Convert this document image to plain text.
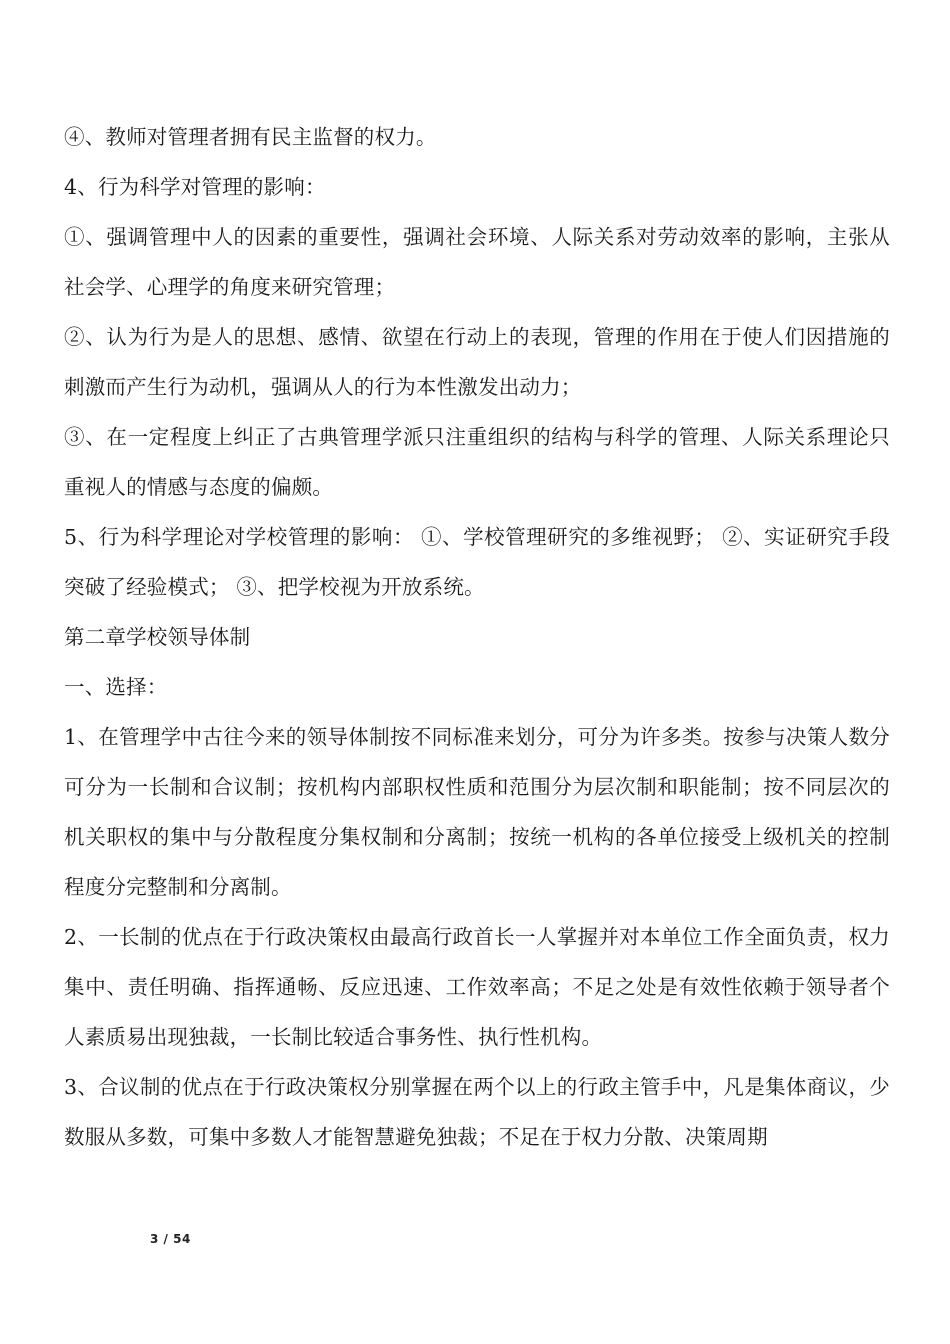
④、教师对管理者拥有民主监督的权力。

4、行为科学对管理的影响：

①、强调管理中人的因素的重要性，强调社会环境、人际关系对劳动效率的影响，主张从社会学、心理学的角度来研究管理；

②、认为行为是人的思想、感情、欲望在行动上的表现，管理的作用在于使人们因措施的刺激而产生行为动机，强调从人的行为本性激发出动力；

③、在一定程度上纠正了古典管理学派只注重组织的结构与科学的管理、人际关系理论只重视人的情感与态度的偏颇。

5、行为科学理论对学校管理的影响： ①、学校管理研究的多维视野； ②、实证研究手段突破了经验模式； ③、把学校视为开放系统。

第二章学校领导体制

一、选择：

1、在管理学中古往今来的领导体制按不同标准来划分，可分为许多类。按参与决策人数分可分为一长制和合议制；按机构内部职权性质和范围分为层次制和职能制；按不同层次的机关职权的集中与分散程度分集权制和分离制；按统一机构的各单位接受上级机关的控制程度分完整制和分离制。

2、一长制的优点在于行政决策权由最高行政首长一人掌握并对本单位工作全面负责，权力集中、责任明确、指挥通畅、反应迅速、工作效率高；不足之处是有效性依赖于领导者个人素质易出现独裁，一长制比较适合事务性、执行性机构。

3、合议制的优点在于行政决策权分别掌握在两个以上的行政主管手中，凡是集体商议，少数服从多数，可集中多数人才能智慧避免独裁；不足在于权力分散、决策周期

3 / 54
